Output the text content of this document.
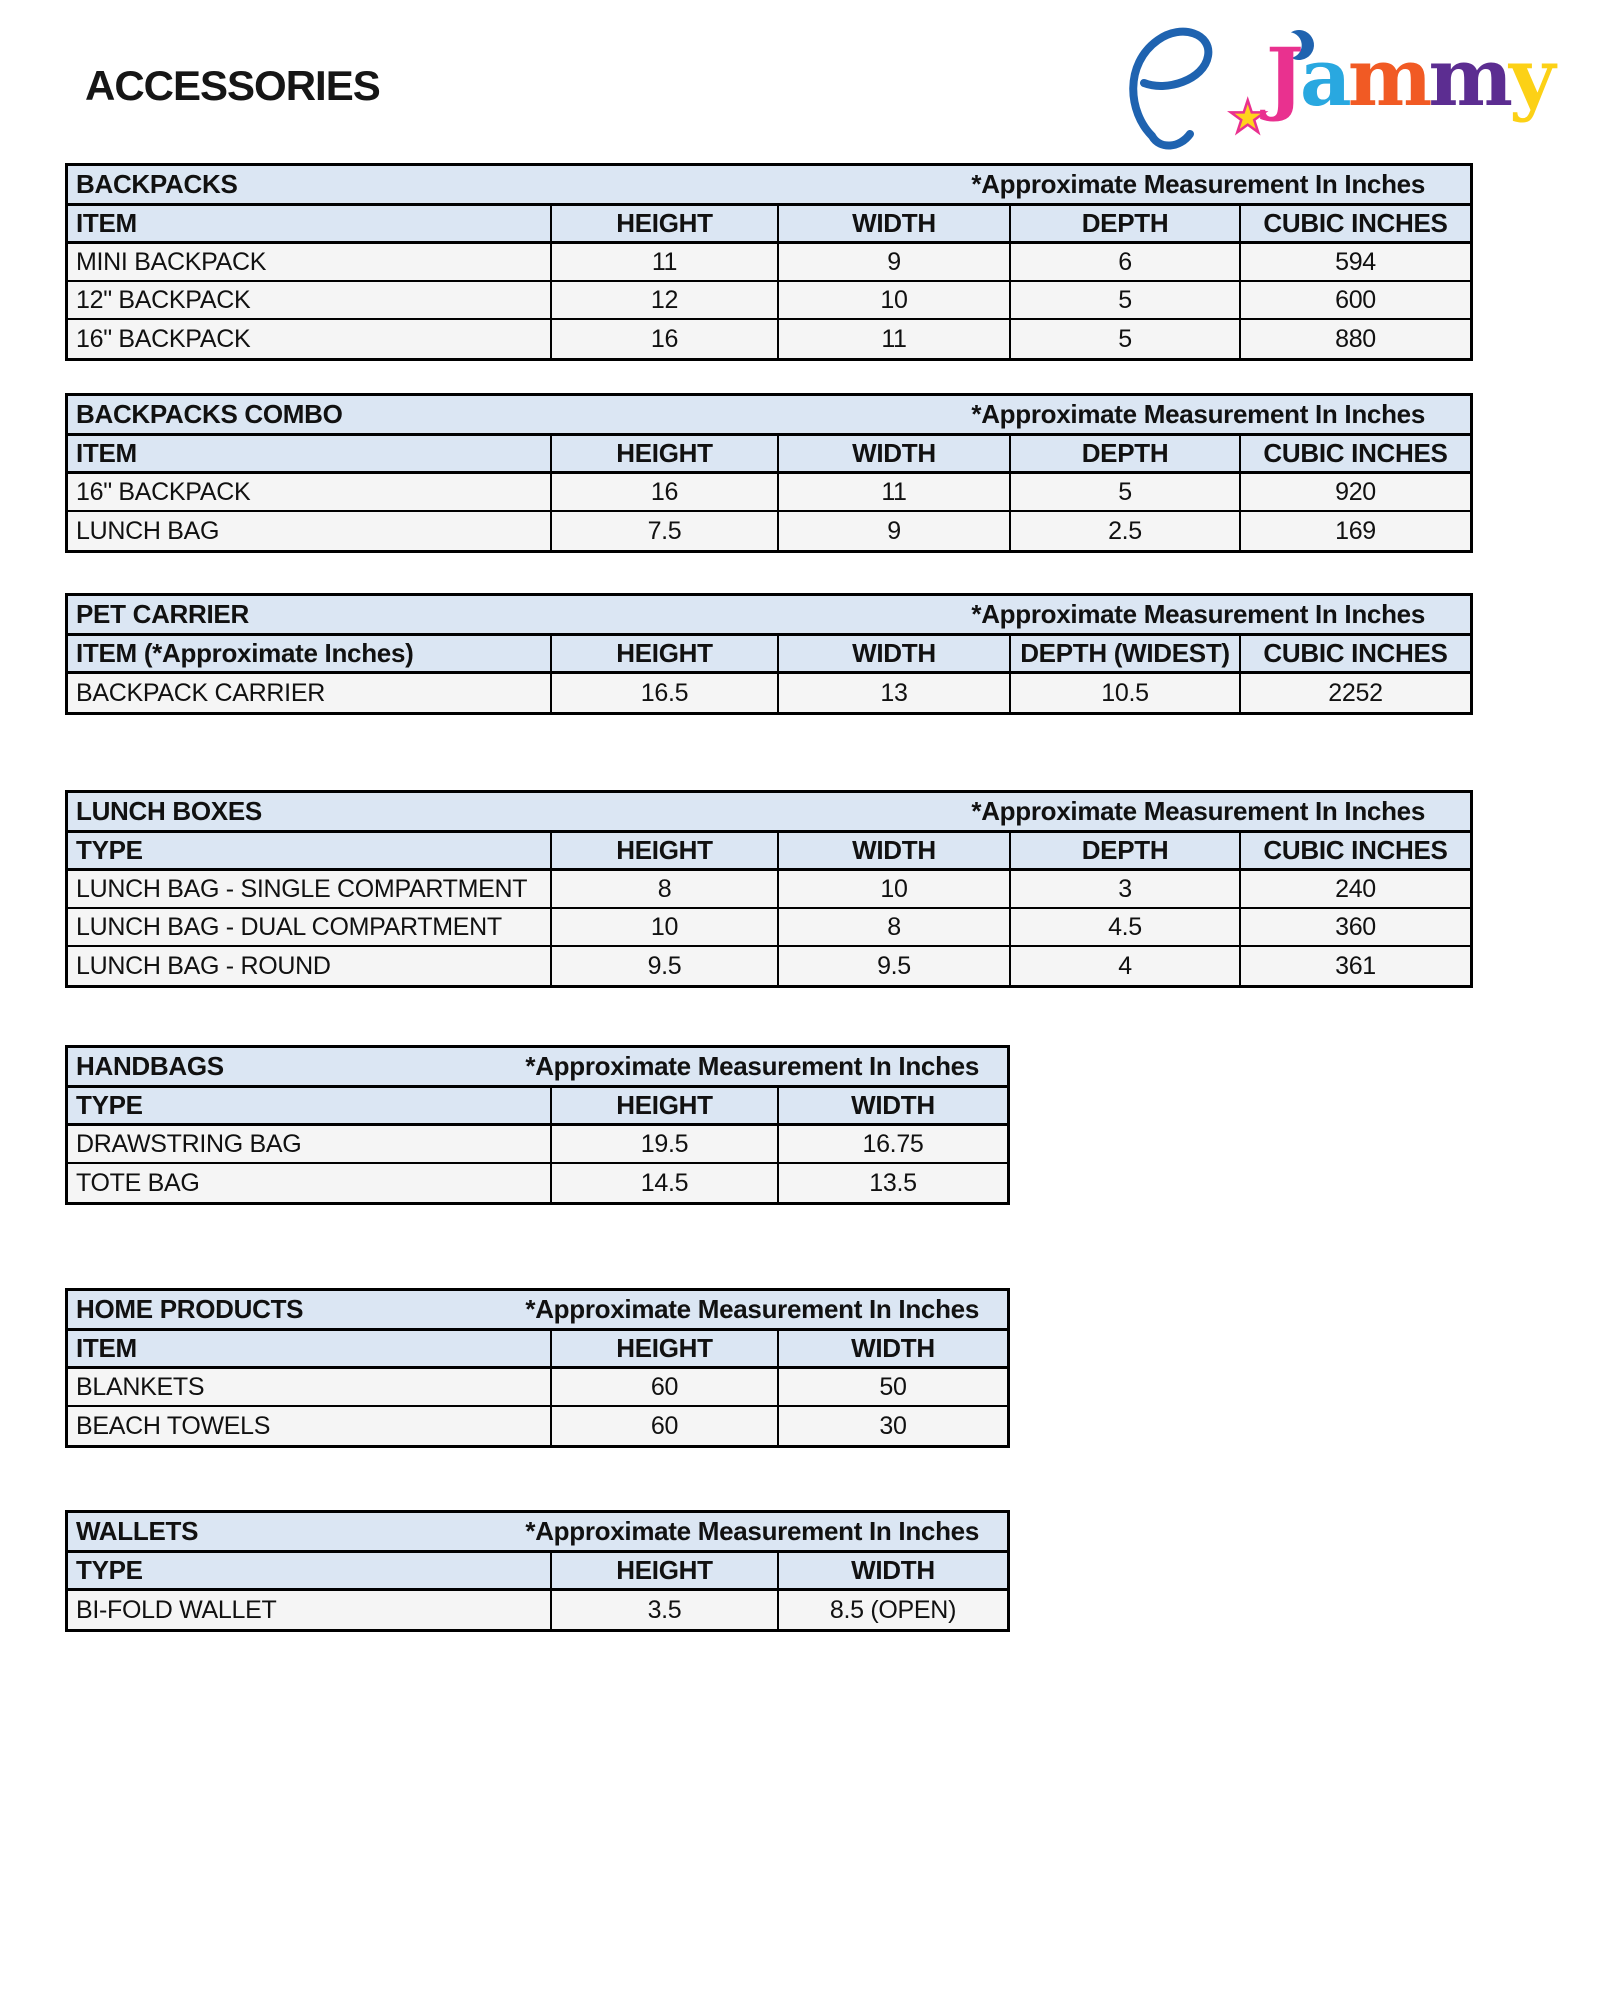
ACCESSORIES
★
Jammy
BACKPACKS	*Approximate Measurement In Inches
ITEM	HEIGHT	WIDTH	DEPTH	CUBIC INCHES
MINI BACKPACK	11	9	6	594
12" BACKPACK	12	10	5	600
16" BACKPACK	16	11	5	880
BACKPACKS COMBO	*Approximate Measurement In Inches
ITEM	HEIGHT	WIDTH	DEPTH	CUBIC INCHES
16" BACKPACK	16	11	5	920
LUNCH BAG	7.5	9	2.5	169
PET CARRIER	*Approximate Measurement In Inches
ITEM (*Approximate Inches)	HEIGHT	WIDTH	DEPTH (WIDEST)	CUBIC INCHES
BACKPACK CARRIER	16.5	13	10.5	2252
LUNCH BOXES	*Approximate Measurement In Inches
TYPE	HEIGHT	WIDTH	DEPTH	CUBIC INCHES
LUNCH BAG - SINGLE COMPARTMENT	8	10	3	240
LUNCH BAG - DUAL COMPARTMENT	10	8	4.5	360
LUNCH BAG - ROUND	9.5	9.5	4	361
HANDBAGS	*Approximate Measurement In Inches
TYPE	HEIGHT	WIDTH
DRAWSTRING BAG	19.5	16.75
TOTE BAG	14.5	13.5
HOME PRODUCTS	*Approximate Measurement In Inches
ITEM	HEIGHT	WIDTH
BLANKETS	60	50
BEACH TOWELS	60	30
WALLETS	*Approximate Measurement In Inches
TYPE	HEIGHT	WIDTH
BI-FOLD WALLET	3.5	8.5 (OPEN)
